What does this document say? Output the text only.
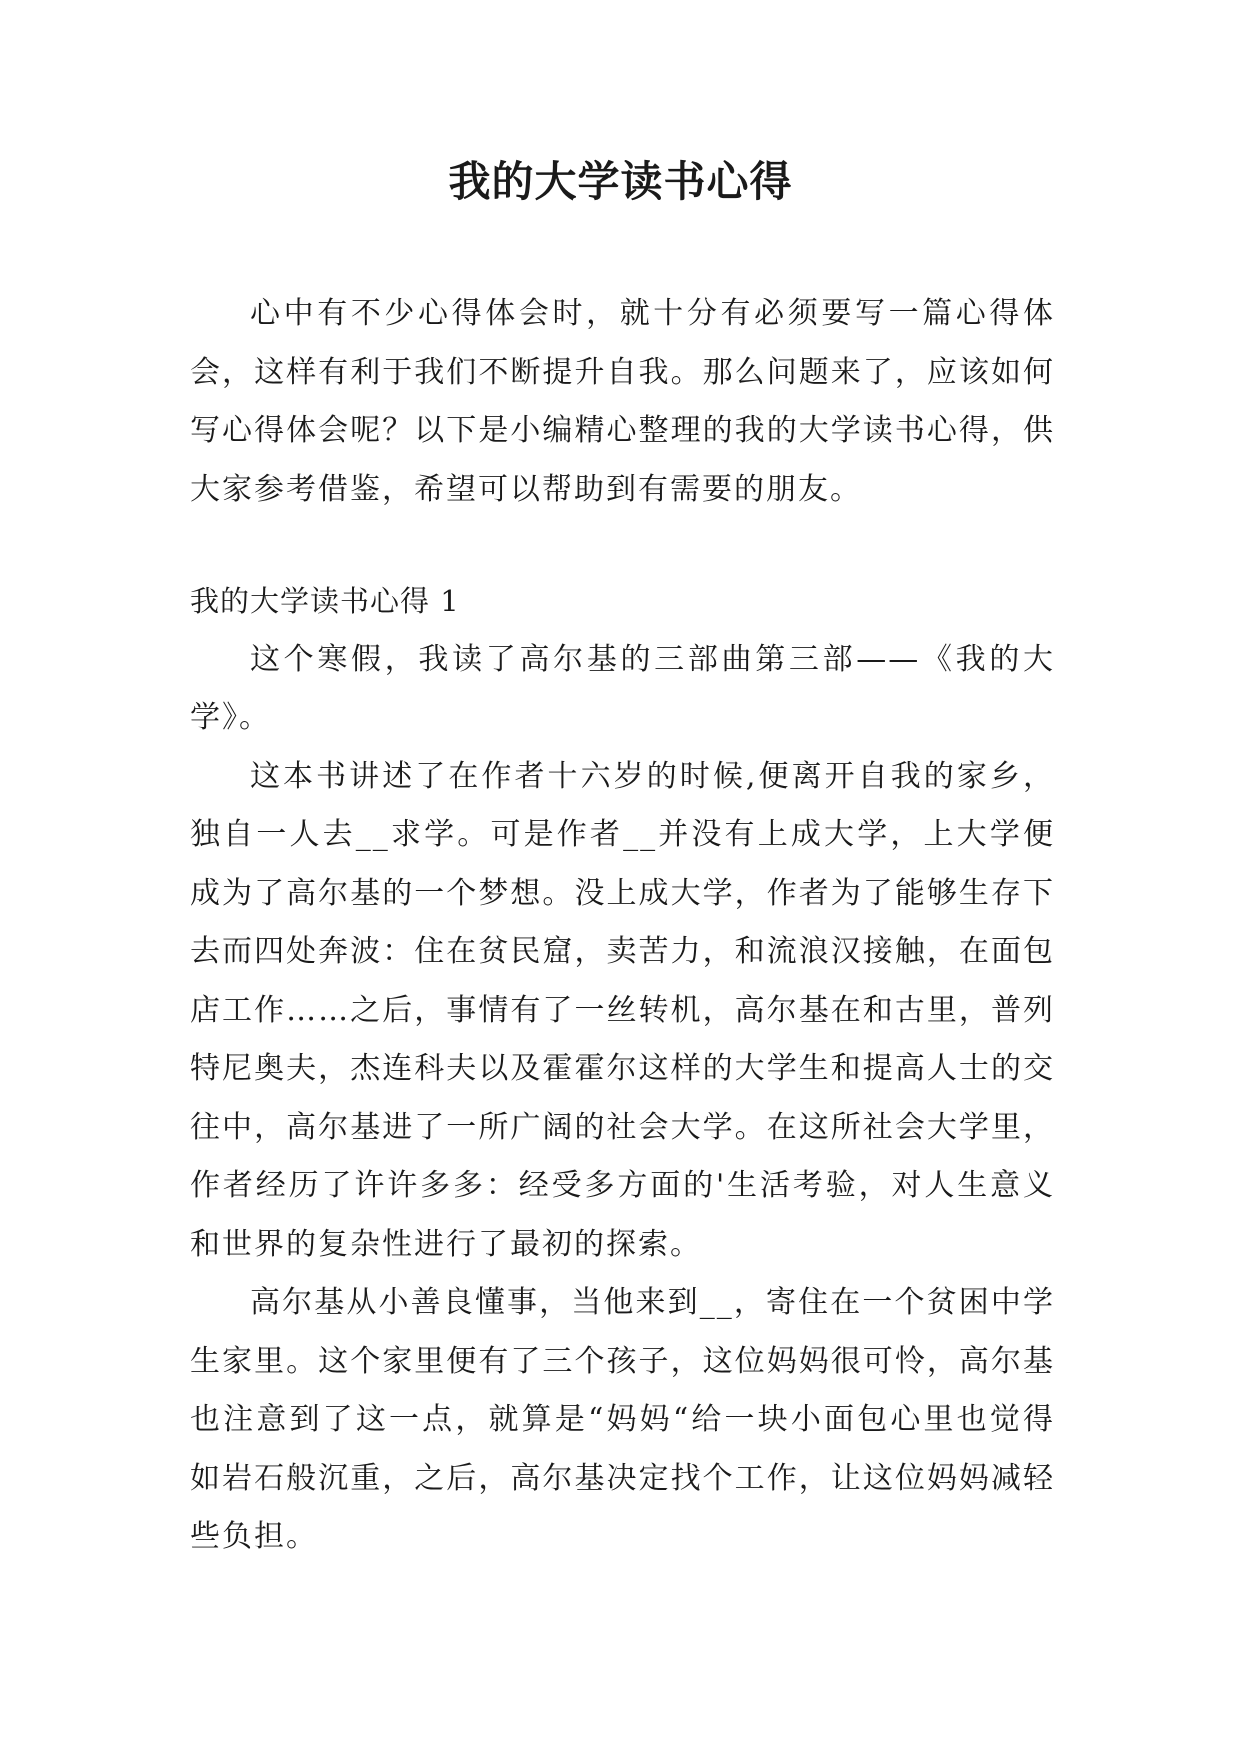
我的大学读书心得

心中有不少心得体会时，就十分有必须要写一篇心得体会，这样有利于我们不断提升自我。那么问题来了，应该如何写心得体会呢？以下是小编精心整理的我的大学读书心得，供大家参考借鉴，希望可以帮助到有需要的朋友。

我的大学读书心得 1

这个寒假，我读了高尔基的三部曲第三部——《我的大学》。

这本书讲述了在作者十六岁的时候,便离开自我的家乡，独自一人去__求学。可是作者__并没有上成大学，上大学便成为了高尔基的一个梦想。没上成大学，作者为了能够生存下去而四处奔波：住在贫民窟，卖苦力，和流浪汉接触，在面包店工作……之后，事情有了一丝转机，高尔基在和古里，普列特尼奥夫，杰连科夫以及霍霍尔这样的大学生和提高人士的交往中，高尔基进了一所广阔的社会大学。在这所社会大学里，作者经历了许许多多：经受多方面的'生活考验，对人生意义和世界的复杂性进行了最初的探索。

高尔基从小善良懂事，当他来到__，寄住在一个贫困中学生家里。这个家里便有了三个孩子，这位妈妈很可怜，高尔基也注意到了这一点，就算是“妈妈“给一块小面包心里也觉得如岩石般沉重，之后，高尔基决定找个工作，让这位妈妈减轻些负担。
